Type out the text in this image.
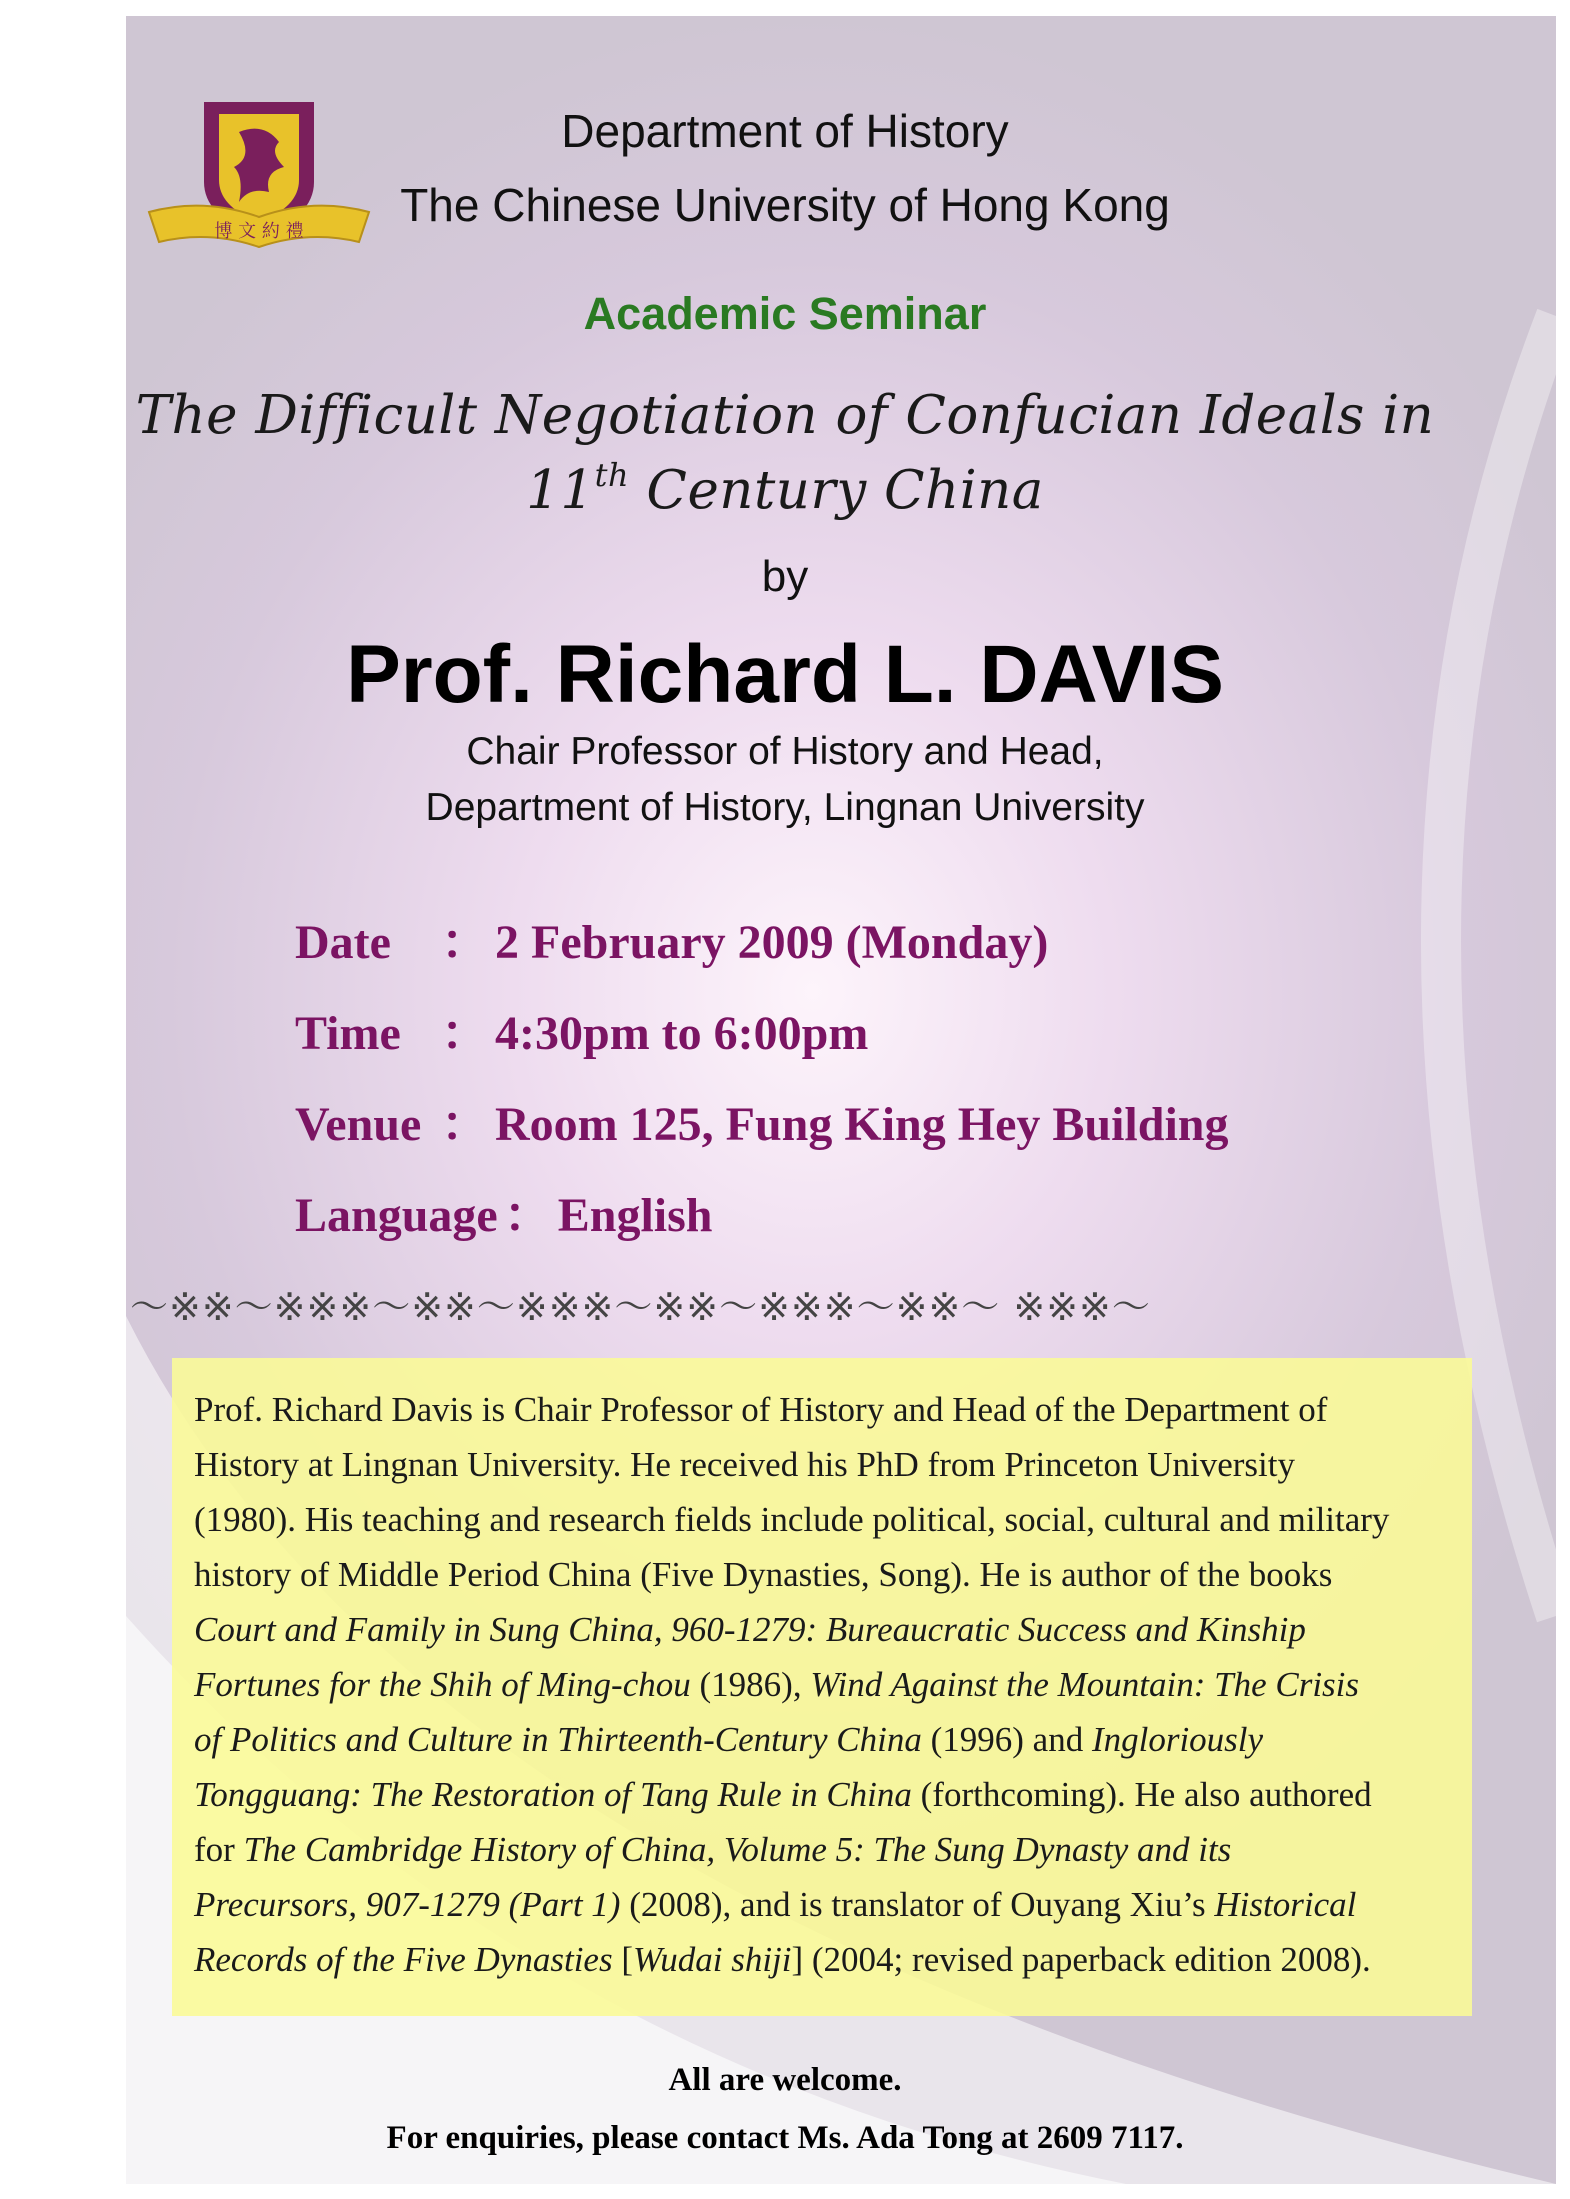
博 文 約 禮
Department of History
The Chinese University of Hong Kong
Academic Seminar
The Difficult Negotiation of Confucian Ideals in
11th Century China
by
Prof. Richard L. DAVIS
Chair Professor of History and Head,
Department of History, Lingnan University
Date ： 2 February 2009 (Monday)
Time ： 4:30pm to 6:00pm
Venue ： Room 125, Fung King Hey Building
Language ： English
～※※～※※※～※※～※※※～※※～※※※～※※～ ※※※～
Prof. Richard Davis is Chair Professor of History and Head of the Department of
History at Lingnan University. He received his PhD from Princeton University
(1980). His teaching and research fields include political, social, cultural and military
history of Middle Period China (Five Dynasties, Song). He is author of the books
Court and Family in Sung China, 960-1279: Bureaucratic Success and Kinship
Fortunes for the Shih of Ming-chou (1986), Wind Against the Mountain: The Crisis
of Politics and Culture in Thirteenth-Century China (1996) and Ingloriously
Tongguang: The Restoration of Tang Rule in China (forthcoming). He also authored
for The Cambridge History of China, Volume 5: The Sung Dynasty and its
Precursors, 907-1279 (Part 1) (2008), and is translator of Ouyang Xiu’s Historical
Records of the Five Dynasties [Wudai shiji] (2004; revised paperback edition 2008).
All are welcome.
For enquiries, please contact Ms. Ada Tong at 2609 7117.
